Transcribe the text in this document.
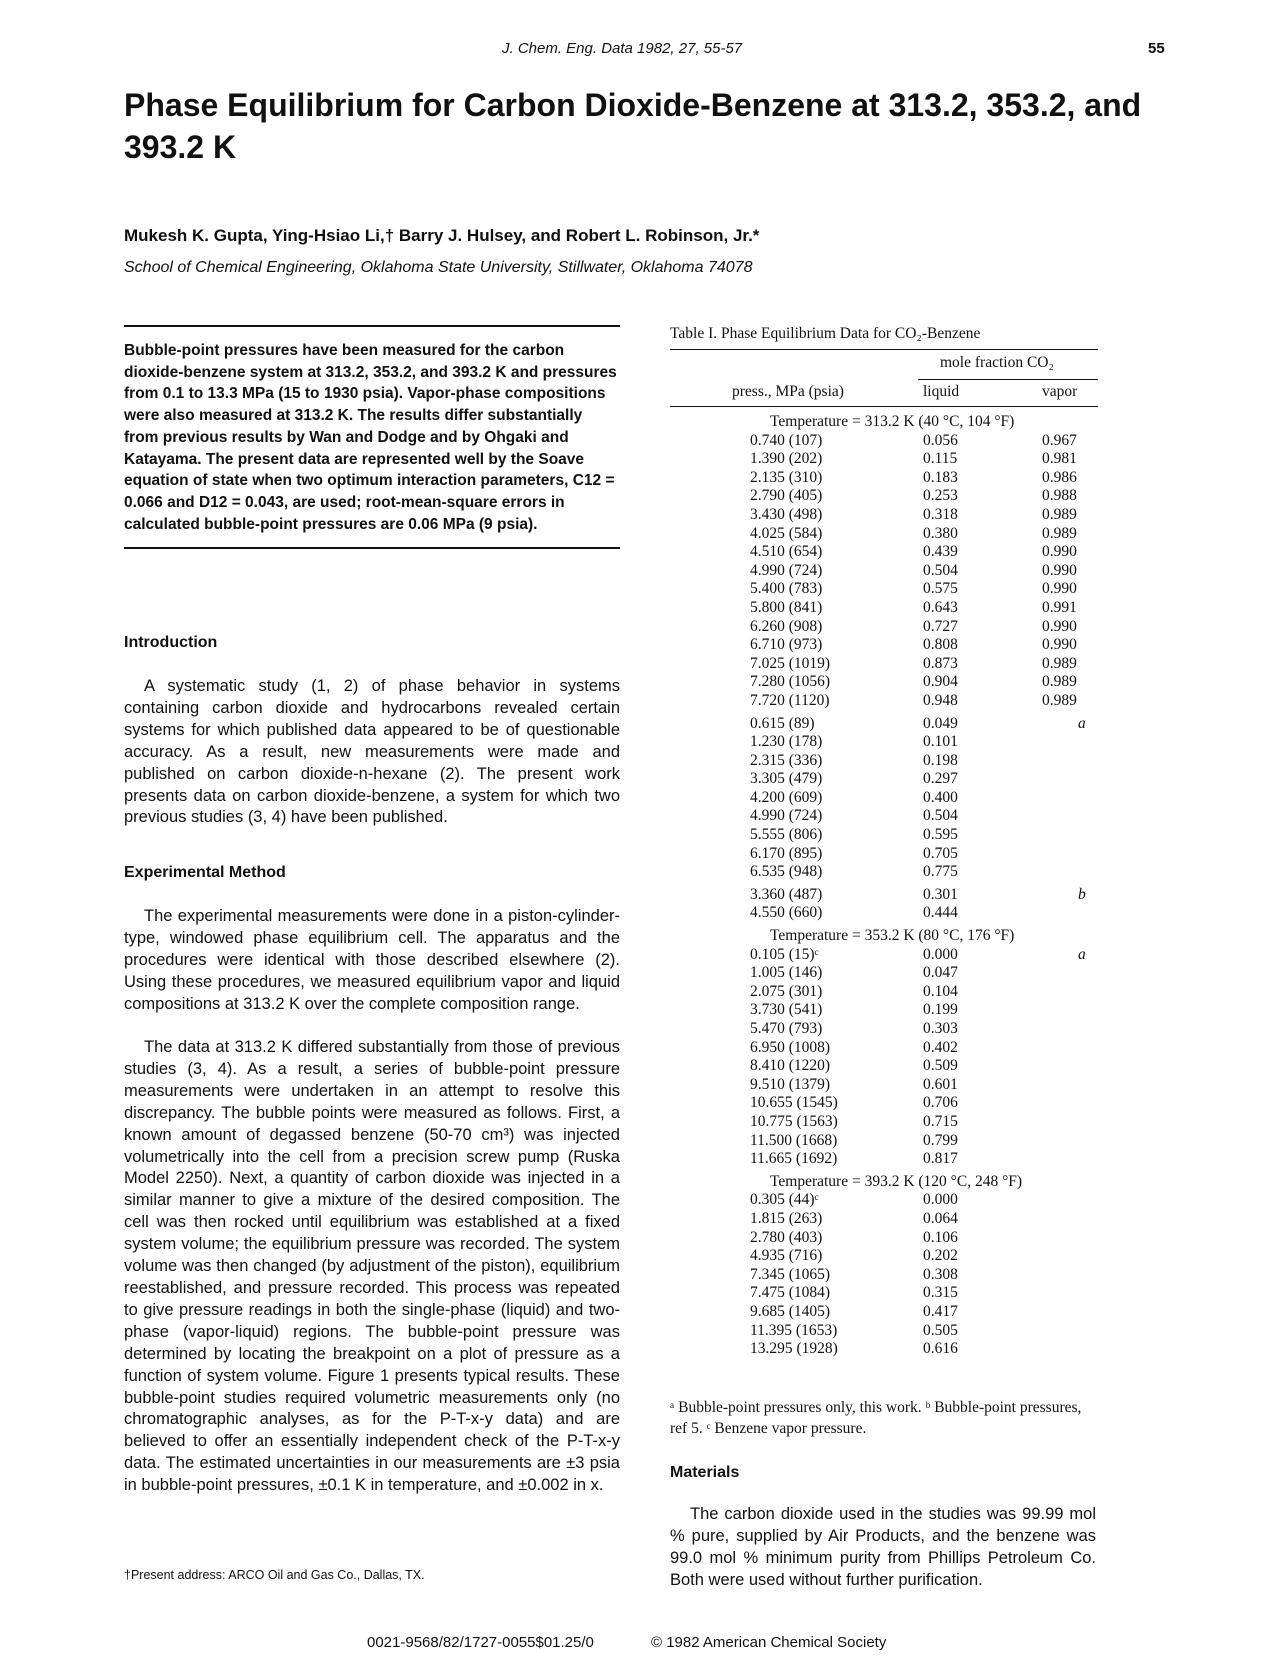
J. Chem. Eng. Data 1982, 27, 55-57	55
Phase Equilibrium for Carbon Dioxide-Benzene at 313.2, 353.2, and 393.2 K
Mukesh K. Gupta, Ying-Hsiao Li,† Barry J. Hulsey, and Robert L. Robinson, Jr.*
School of Chemical Engineering, Oklahoma State University, Stillwater, Oklahoma 74078

Bubble-point pressures have been measured for the carbon dioxide-benzene system at 313.2, 353.2, and 393.2 K and pressures from 0.1 to 13.3 MPa (15 to 1930 psia). Vapor-phase compositions were also measured at 313.2 K. The results differ substantially from previous results by Wan and Dodge and by Ohgaki and Katayama. The present data are represented well by the Soave equation of state when two optimum interaction parameters, C12 = 0.066 and D12 = 0.043, are used; root-mean-square errors in calculated bubble-point pressures are 0.06 MPa (9 psia).

Introduction

A systematic study (1, 2) of phase behavior in systems containing carbon dioxide and hydrocarbons revealed certain systems for which published data appeared to be of questionable accuracy. As a result, new measurements were made and published on carbon dioxide-n-hexane (2). The present work presents data on carbon dioxide-benzene, a system for which two previous studies (3, 4) have been published.

Experimental Method

The experimental measurements were done in a piston-cylinder-type, windowed phase equilibrium cell. The apparatus and the procedures were identical with those described elsewhere (2). Using these procedures, we measured equilibrium vapor and liquid compositions at 313.2 K over the complete composition range.

The data at 313.2 K differed substantially from those of previous studies (3, 4). As a result, a series of bubble-point pressure measurements were undertaken in an attempt to resolve this discrepancy. The bubble points were measured as follows. First, a known amount of degassed benzene (50-70 cm³) was injected volumetrically into the cell from a precision screw pump (Ruska Model 2250). Next, a quantity of carbon dioxide was injected in a similar manner to give a mixture of the desired composition. The cell was then rocked until equilibrium was established at a fixed system volume; the equilibrium pressure was recorded. The system volume was then changed (by adjustment of the piston), equilibrium reestablished, and pressure recorded. This process was repeated to give pressure readings in both the single-phase (liquid) and two-phase (vapor-liquid) regions. The bubble-point pressure was determined by locating the breakpoint on a plot of pressure as a function of system volume. Figure 1 presents typical results. These bubble-point studies required volumetric measurements only (no chromatographic analyses, as for the P-T-x-y data) and are believed to offer an essentially independent check of the P-T-x-y data. The estimated uncertainties in our measurements are ±3 psia in bubble-point pressures, ±0.1 K in temperature, and ±0.002 in x.

†Present address: ARCO Oil and Gas Co., Dallas, TX.
Table I. Phase Equilibrium Data for CO₂-Benzene
mole fraction CO₂
press., MPa (psia)	liquid	vapor
Temperature = 313.2 K (40 °C, 104 °F)
0.740 (107)	0.056	0.967
1.390 (202)	0.115	0.981
2.135 (310)	0.183	0.986
2.790 (405)	0.253	0.988
3.430 (498)	0.318	0.989
4.025 (584)	0.380	0.989
4.510 (654)	0.439	0.990
4.990 (724)	0.504	0.990
5.400 (783)	0.575	0.990
5.800 (841)	0.643	0.991
6.260 (908)	0.727	0.990
6.710 (973)	0.808	0.990
7.025 (1019)	0.873	0.989
7.280 (1056)	0.904	0.989
7.720 (1120)	0.948	0.989
0.615 (89)	0.049	a
1.230 (178)	0.101
2.315 (336)	0.198
3.305 (479)	0.297
4.200 (609)	0.400
4.990 (724)	0.504
5.555 (806)	0.595
6.170 (895)	0.705
6.535 (948)	0.775
3.360 (487)	0.301	b
4.550 (660)	0.444
Temperature = 353.2 K (80 °C, 176 °F)
0.105 (15)ᶜ	0.000	a
1.005 (146)	0.047
2.075 (301)	0.104
3.730 (541)	0.199
5.470 (793)	0.303
6.950 (1008)	0.402
8.410 (1220)	0.509
9.510 (1379)	0.601
10.655 (1545)	0.706
10.775 (1563)	0.715
11.500 (1668)	0.799
11.665 (1692)	0.817
Temperature = 393.2 K (120 °C, 248 °F)
0.305 (44)ᶜ	0.000
1.815 (263)	0.064
2.780 (403)	0.106
4.935 (716)	0.202
7.345 (1065)	0.308
7.475 (1084)	0.315
9.685 (1405)	0.417
11.395 (1653)	0.505
13.295 (1928)	0.616
ᵃ Bubble-point pressures only, this work. ᵇ Bubble-point pressures, ref 5. ᶜ Benzene vapor pressure.
Materials

The carbon dioxide used in the studies was 99.99 mol % pure, supplied by Air Products, and the benzene was 99.0 mol % minimum purity from Phillips Petroleum Co. Both were used without further purification.

0021-9568/82/1727-0055$01.25/0	© 1982 American Chemical Society
